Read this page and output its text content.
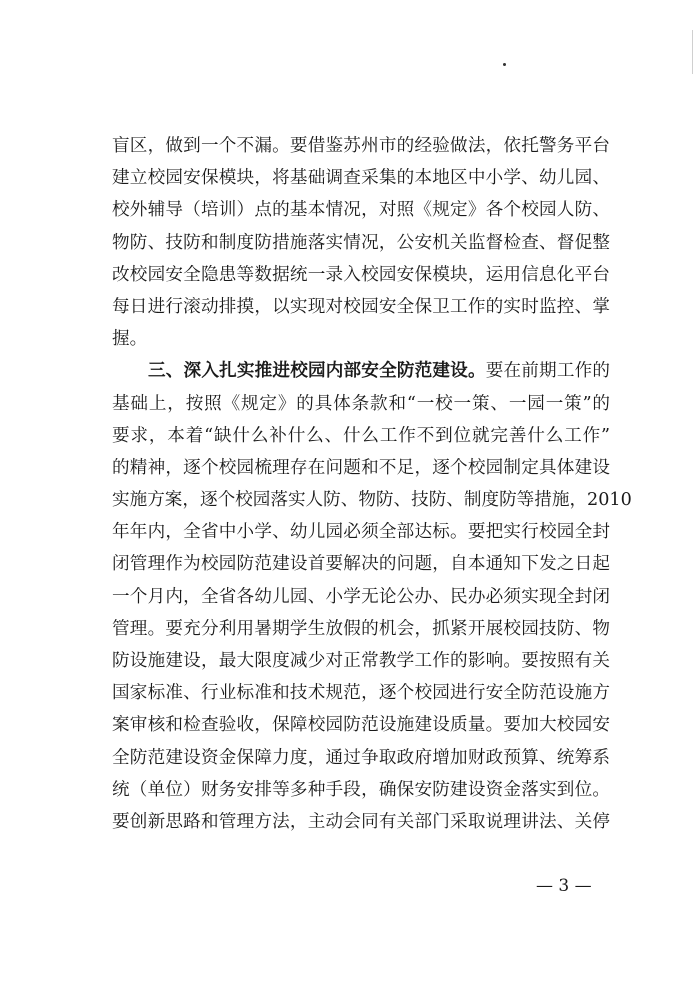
盲区，做到一个不漏。要借鉴苏州市的经验做法，依托警务平台
建立校园安保模块，将基础调查采集的本地区中小学、幼儿园、
校外辅导（培训）点的基本情况，对照《规定》各个校园人防、
物防、技防和制度防措施落实情况，公安机关监督检查、督促整
改校园安全隐患等数据统一录入校园安保模块，运用信息化平台
每日进行滚动排摸，以实现对校园安全保卫工作的实时监控、掌
握。
三、深入扎实推进校园内部安全防范建设。要在前期工作的
基础上，按照《规定》的具体条款和“一校一策、一园一策”的
要求，本着“缺什么补什么、什么工作不到位就完善什么工作”
的精神，逐个校园梳理存在问题和不足，逐个校园制定具体建设
实施方案，逐个校园落实人防、物防、技防、制度防等措施，2010
年年内，全省中小学、幼儿园必须全部达标。要把实行校园全封
闭管理作为校园防范建设首要解决的问题，自本通知下发之日起
一个月内，全省各幼儿园、小学无论公办、民办必须实现全封闭
管理。要充分利用暑期学生放假的机会，抓紧开展校园技防、物
防设施建设，最大限度减少对正常教学工作的影响。要按照有关
国家标准、行业标准和技术规范，逐个校园进行安全防范设施方
案审核和检查验收，保障校园防范设施建设质量。要加大校园安
全防范建设资金保障力度，通过争取政府增加财政预算、统筹系
统（单位）财务安排等多种手段，确保安防建设资金落实到位。
要创新思路和管理方法，主动会同有关部门采取说理讲法、关停
— 3 —
